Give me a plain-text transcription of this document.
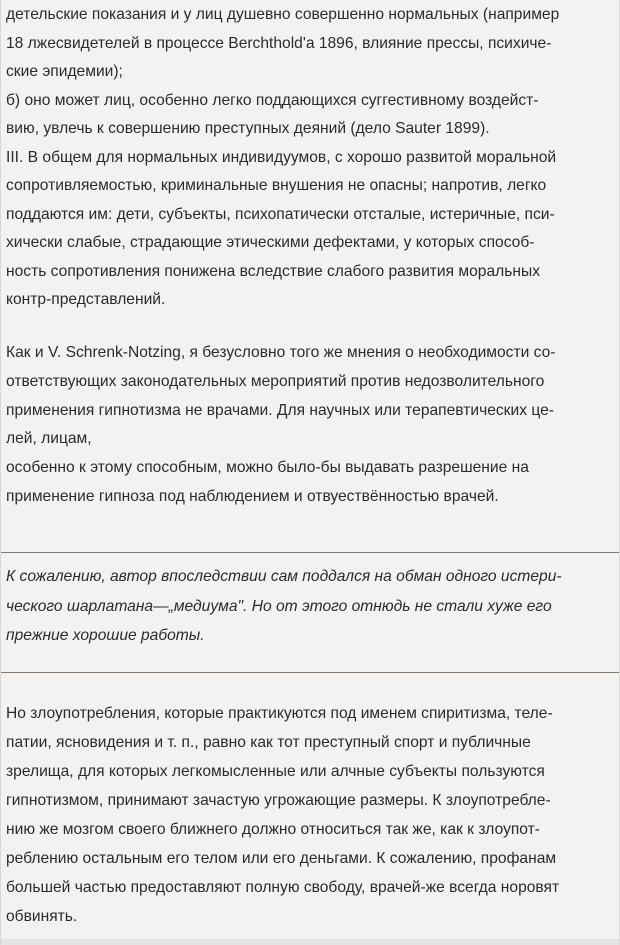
детельские показания и у лиц душевно совершенно нормальных (например
18 лжесвидетелей в процессе Berchthold'a 1896, влияние прессы, психиче-
ские эпидемии);
б) оно может лиц, особенно легко поддающихся суггестивному воздейст-
вию, увлечь к совершению преступных деяний (дело Sauter 1899).
III. В общем для нормальных индивидуумов, с хорошо развитой моральной
сопротивляемостью, криминальные внушения не опасны; напротив, легко
поддаются им: дети, субъекты, психопатически отсталые, истеричные, пси-
хически слабые, страдающие этическими дефектами, у которых способ-
ность сопротивления понижена вследствие слабого развития моральных
контр-представлений.
Как и V. Schrenk-Notzing, я безусловно того же мнения о необходимости со-
ответствующих законодательных мероприятий против недозволительного
применения гипнотизма не врачами. Для научных или терапевтических це-
лей, лицам,
особенно к этому способным, можно было-бы выдавать разрешение на
применение гипноза под наблюдением и отвуествённостью врачей.
К сожалению, автор впоследствии сам поддался на обман одного истери-
ческого шарлатана—„медиума". Но от этого отнюдь не стали хуже его
прежние хорошие работы.
Но злоупотребления, которые практикуются под именем спиритизма, теле-
патии, ясновидения и т. п., равно как тот преступный спорт и публичные
зрелища, для которых легкомысленные или алчные субъекты пользуются
гипнотизмом, принимают зачастую угрожающие размеры. К злоупотребле-
нию же мозгом своего ближнего должно относиться так же, как к злоупот-
реблению остальным его телом или его деньгами. К сожалению, профанам
большей частью предоставляют полную свободу, врачей-же всегда норовят
обвинять.
